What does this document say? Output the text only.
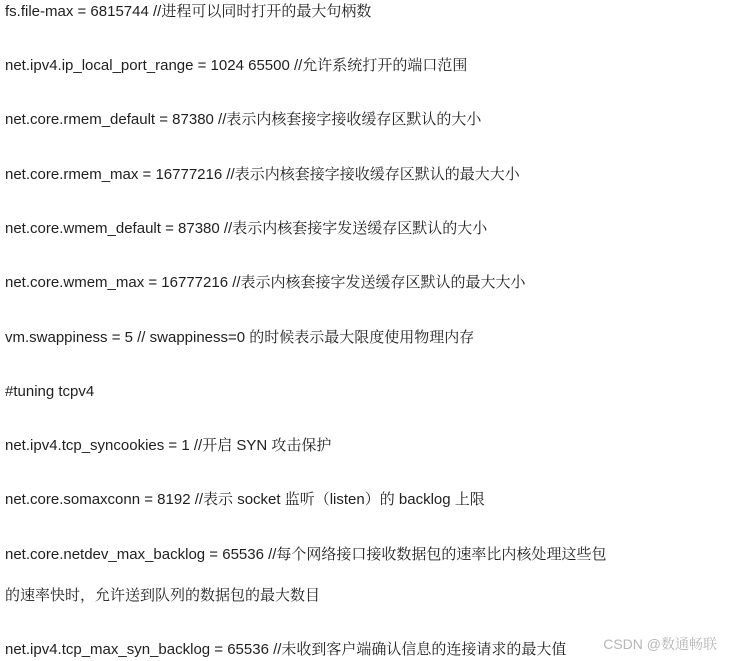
fs.file-max = 6815744 //进程可以同时打开的最大句柄数
net.ipv4.ip_local_port_range = 1024 65500 //允许系统打开的端口范围
net.core.rmem_default = 87380 //表示内核套接字接收缓存区默认的大小
net.core.rmem_max = 16777216 //表示内核套接字接收缓存区默认的最大大小
net.core.wmem_default = 87380 //表示内核套接字发送缓存区默认的大小
net.core.wmem_max = 16777216 //表示内核套接字发送缓存区默认的最大大小
vm.swappiness = 5 // swappiness=0 的时候表示最大限度使用物理内存
#tuning tcpv4
net.ipv4.tcp_syncookies = 1 //开启 SYN 攻击保护
net.core.somaxconn = 8192 //表示 socket 监听（listen）的 backlog 上限
net.core.netdev_max_backlog = 65536 //每个网络接口接收数据包的速率比内核处理这些包
的速率快时，允许送到队列的数据包的最大数目
net.ipv4.tcp_max_syn_backlog = 65536 //未收到客户端确认信息的连接请求的最大值	CSDN @数通畅联
